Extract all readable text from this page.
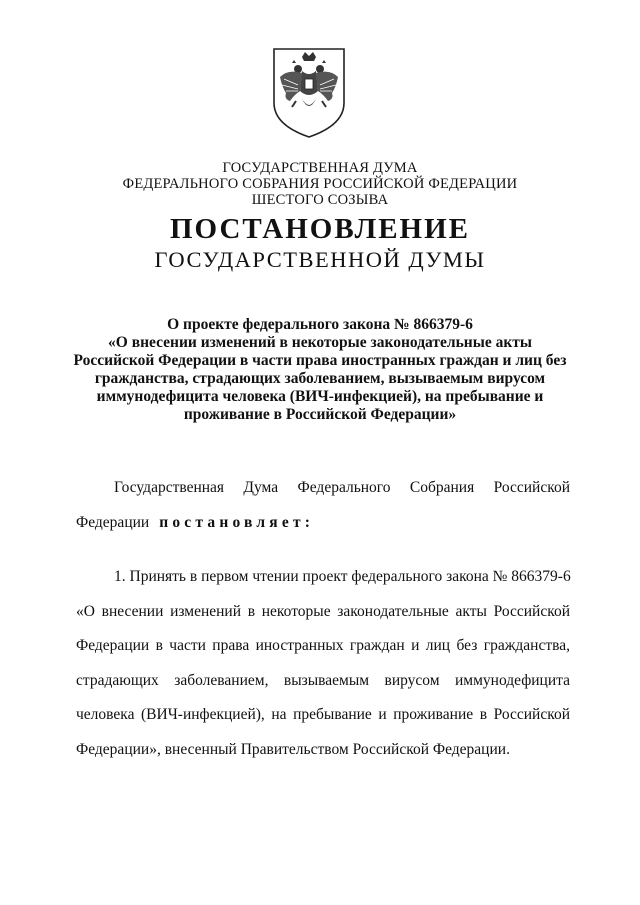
ГОСУДАРСТВЕННАЯ ДУМА
ФЕДЕРАЛЬНОГО СОБРАНИЯ РОССИЙСКОЙ ФЕДЕРАЦИИ
ШЕСТОГО СОЗЫВА
ПОСТАНОВЛЕНИЕ
ГОСУДАРСТВЕННОЙ ДУМЫ
О проекте федерального закона № 866379-6
«О внесении изменений в некоторые законодательные акты
Российской Федерации в части права иностранных граждан и лиц без
гражданства, страдающих заболеванием, вызываемым вирусом
иммунодефицита человека (ВИЧ-инфекцией), на пребывание и
проживание в Российской Федерации»
Государственная Дума Федерального Собрания Российской
Федерации постановляет:
1. Принять в первом чтении проект федерального закона № 866379-6
«О внесении изменений в некоторые законодательные акты Российской
Федерации в части права иностранных граждан и лиц без гражданства,
страдающих заболеванием, вызываемым вирусом иммунодефицита
человека (ВИЧ-инфекцией), на пребывание и проживание в Российской
Федерации», внесенный Правительством Российской Федерации.
